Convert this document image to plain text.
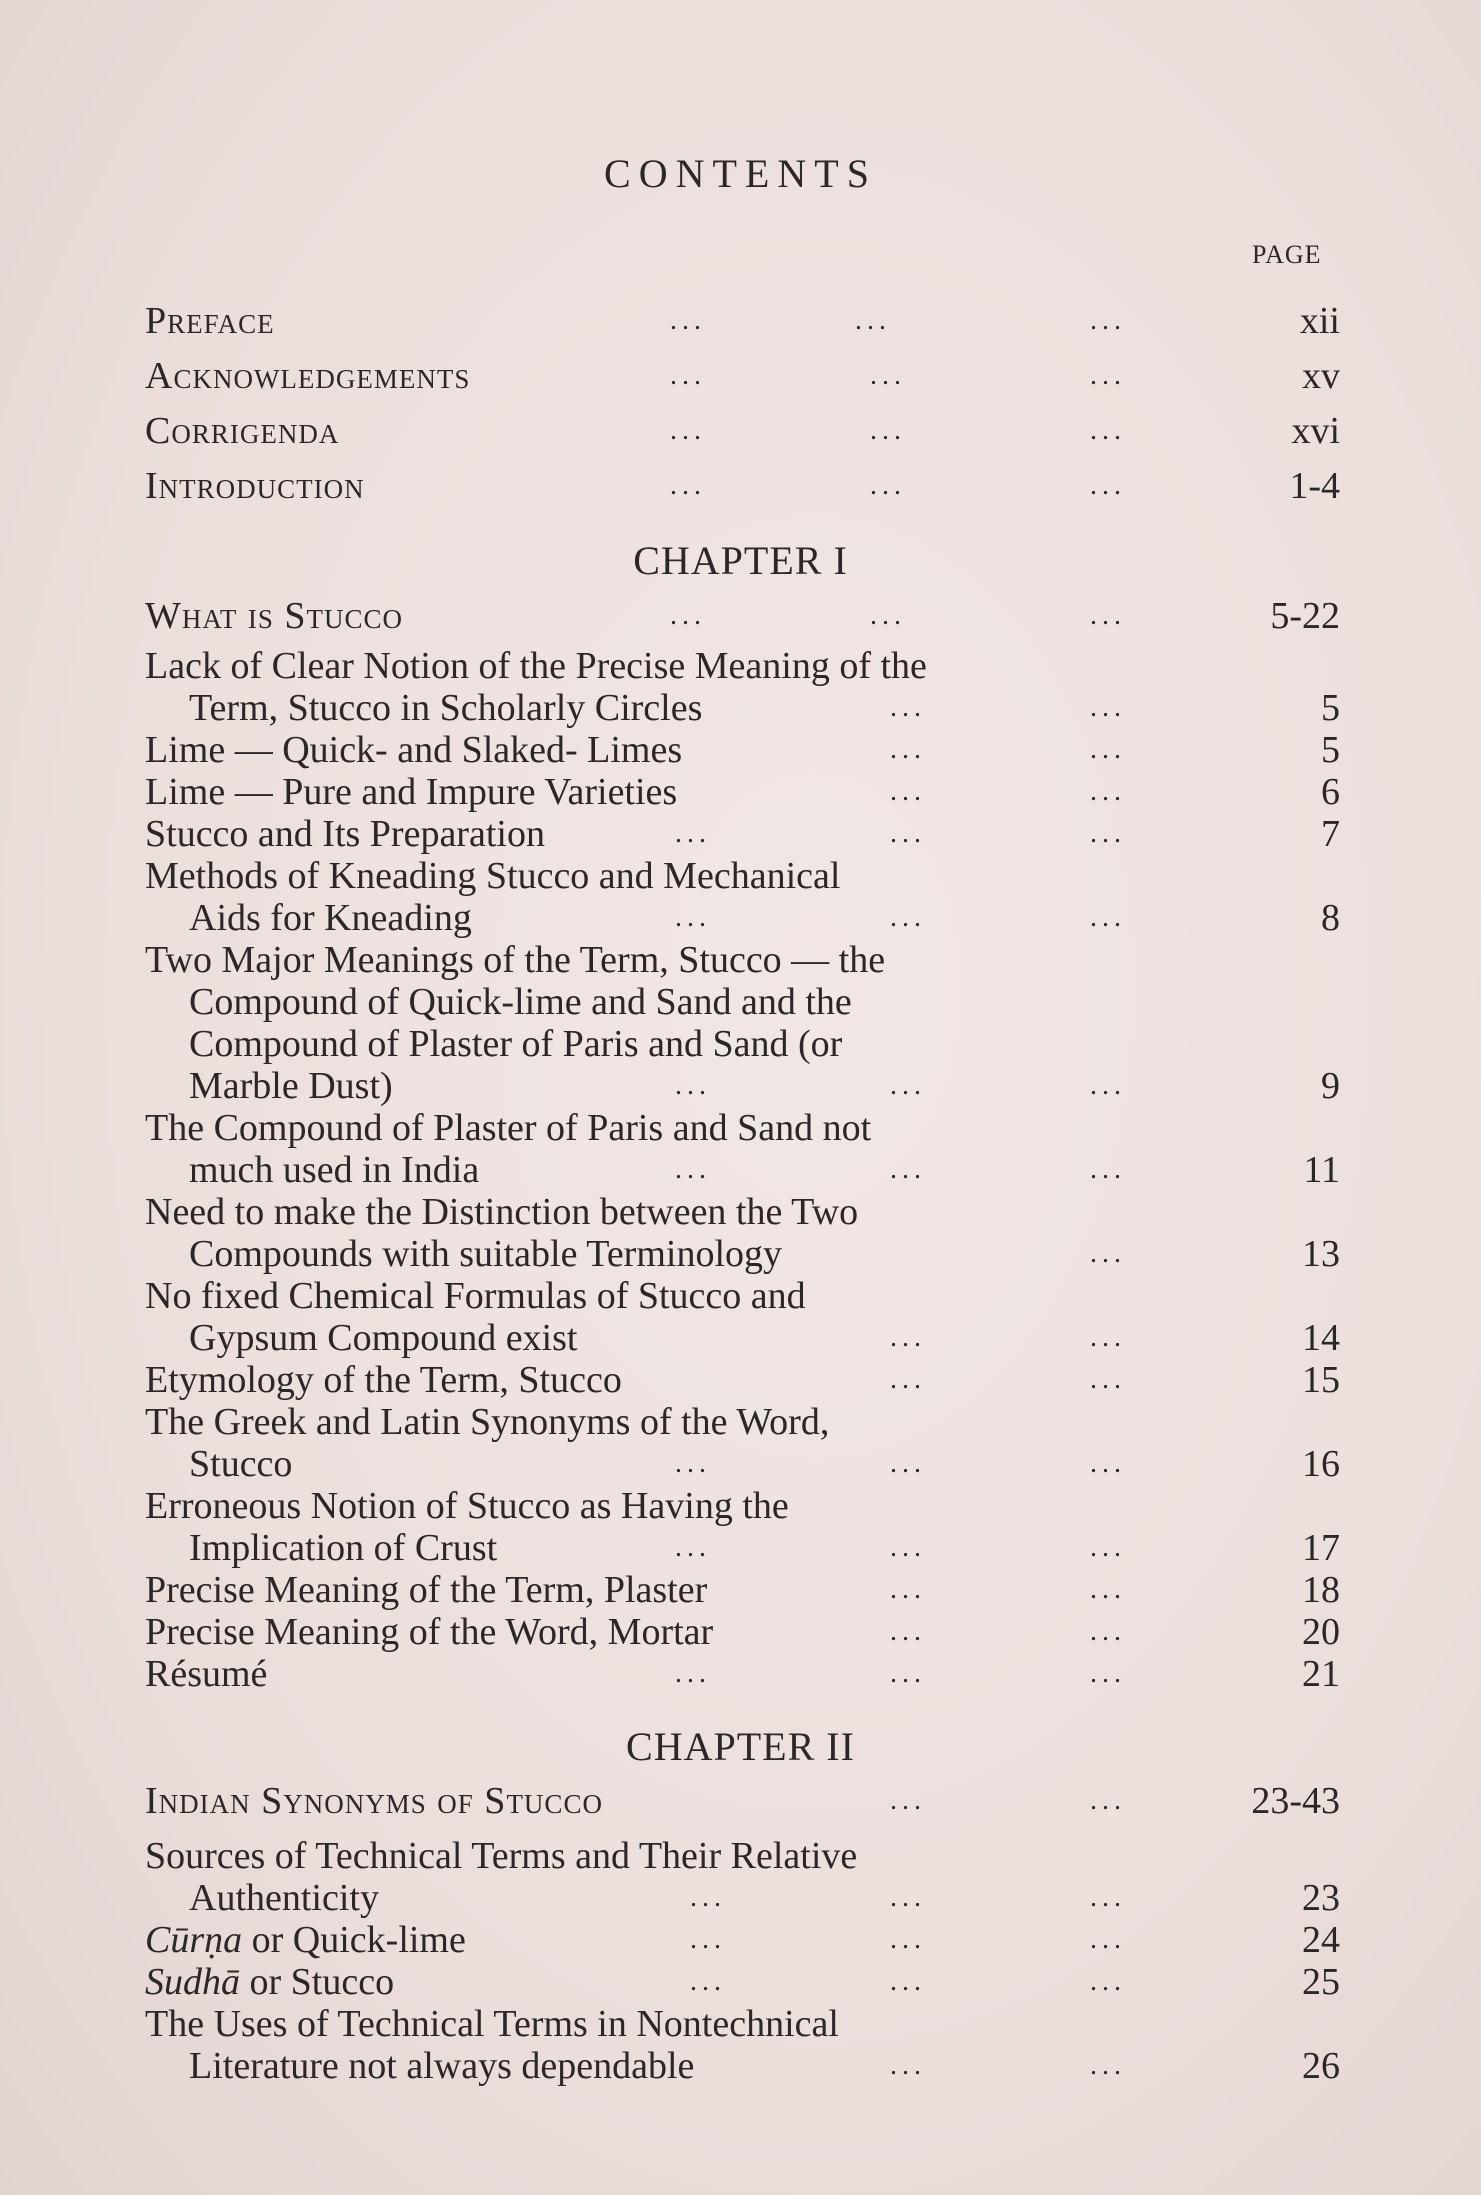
CONTENTS
PAGE
Preface	...	...	...	xii
Acknowledgements	...	...	...	xv
Corrigenda	...	...	...	xvi
Introduction	...	...	...	1-4
CHAPTER I
What is Stucco	...	...	...	5-22
Lack of Clear Notion of the Precise Meaning of the
Term, Stucco in Scholarly Circles	...	...	5
Lime — Quick- and Slaked- Limes	...	...	5
Lime — Pure and Impure Varieties	...	...	6
Stucco and Its Preparation	...	...	...	7
Methods of Kneading Stucco and Mechanical
Aids for Kneading	...	...	...	8
Two Major Meanings of the Term, Stucco — the
Compound of Quick-lime and Sand and the
Compound of Plaster of Paris and Sand (or
Marble Dust)	...	...	...	9
The Compound of Plaster of Paris and Sand not
much used in India	...	...	...	11
Need to make the Distinction between the Two
Compounds with suitable Terminology	...	13
No fixed Chemical Formulas of Stucco and
Gypsum Compound exist	...	...	14
Etymology of the Term, Stucco	...	...	15
The Greek and Latin Synonyms of the Word,
Stucco	...	...	...	16
Erroneous Notion of Stucco as Having the
Implication of Crust	...	...	...	17
Precise Meaning of the Term, Plaster	...	...	18
Precise Meaning of the Word, Mortar	...	...	20
Résumé	...	...	...	21
CHAPTER II
Indian Synonyms of Stucco	...	...	23-43
Sources of Technical Terms and Their Relative
Authenticity	...	...	...	23
Cūrṇa or Quick-lime	...	...	...	24
Sudhā or Stucco	...	...	...	25
The Uses of Technical Terms in Nontechnical
Literature not always dependable	...	...	26
